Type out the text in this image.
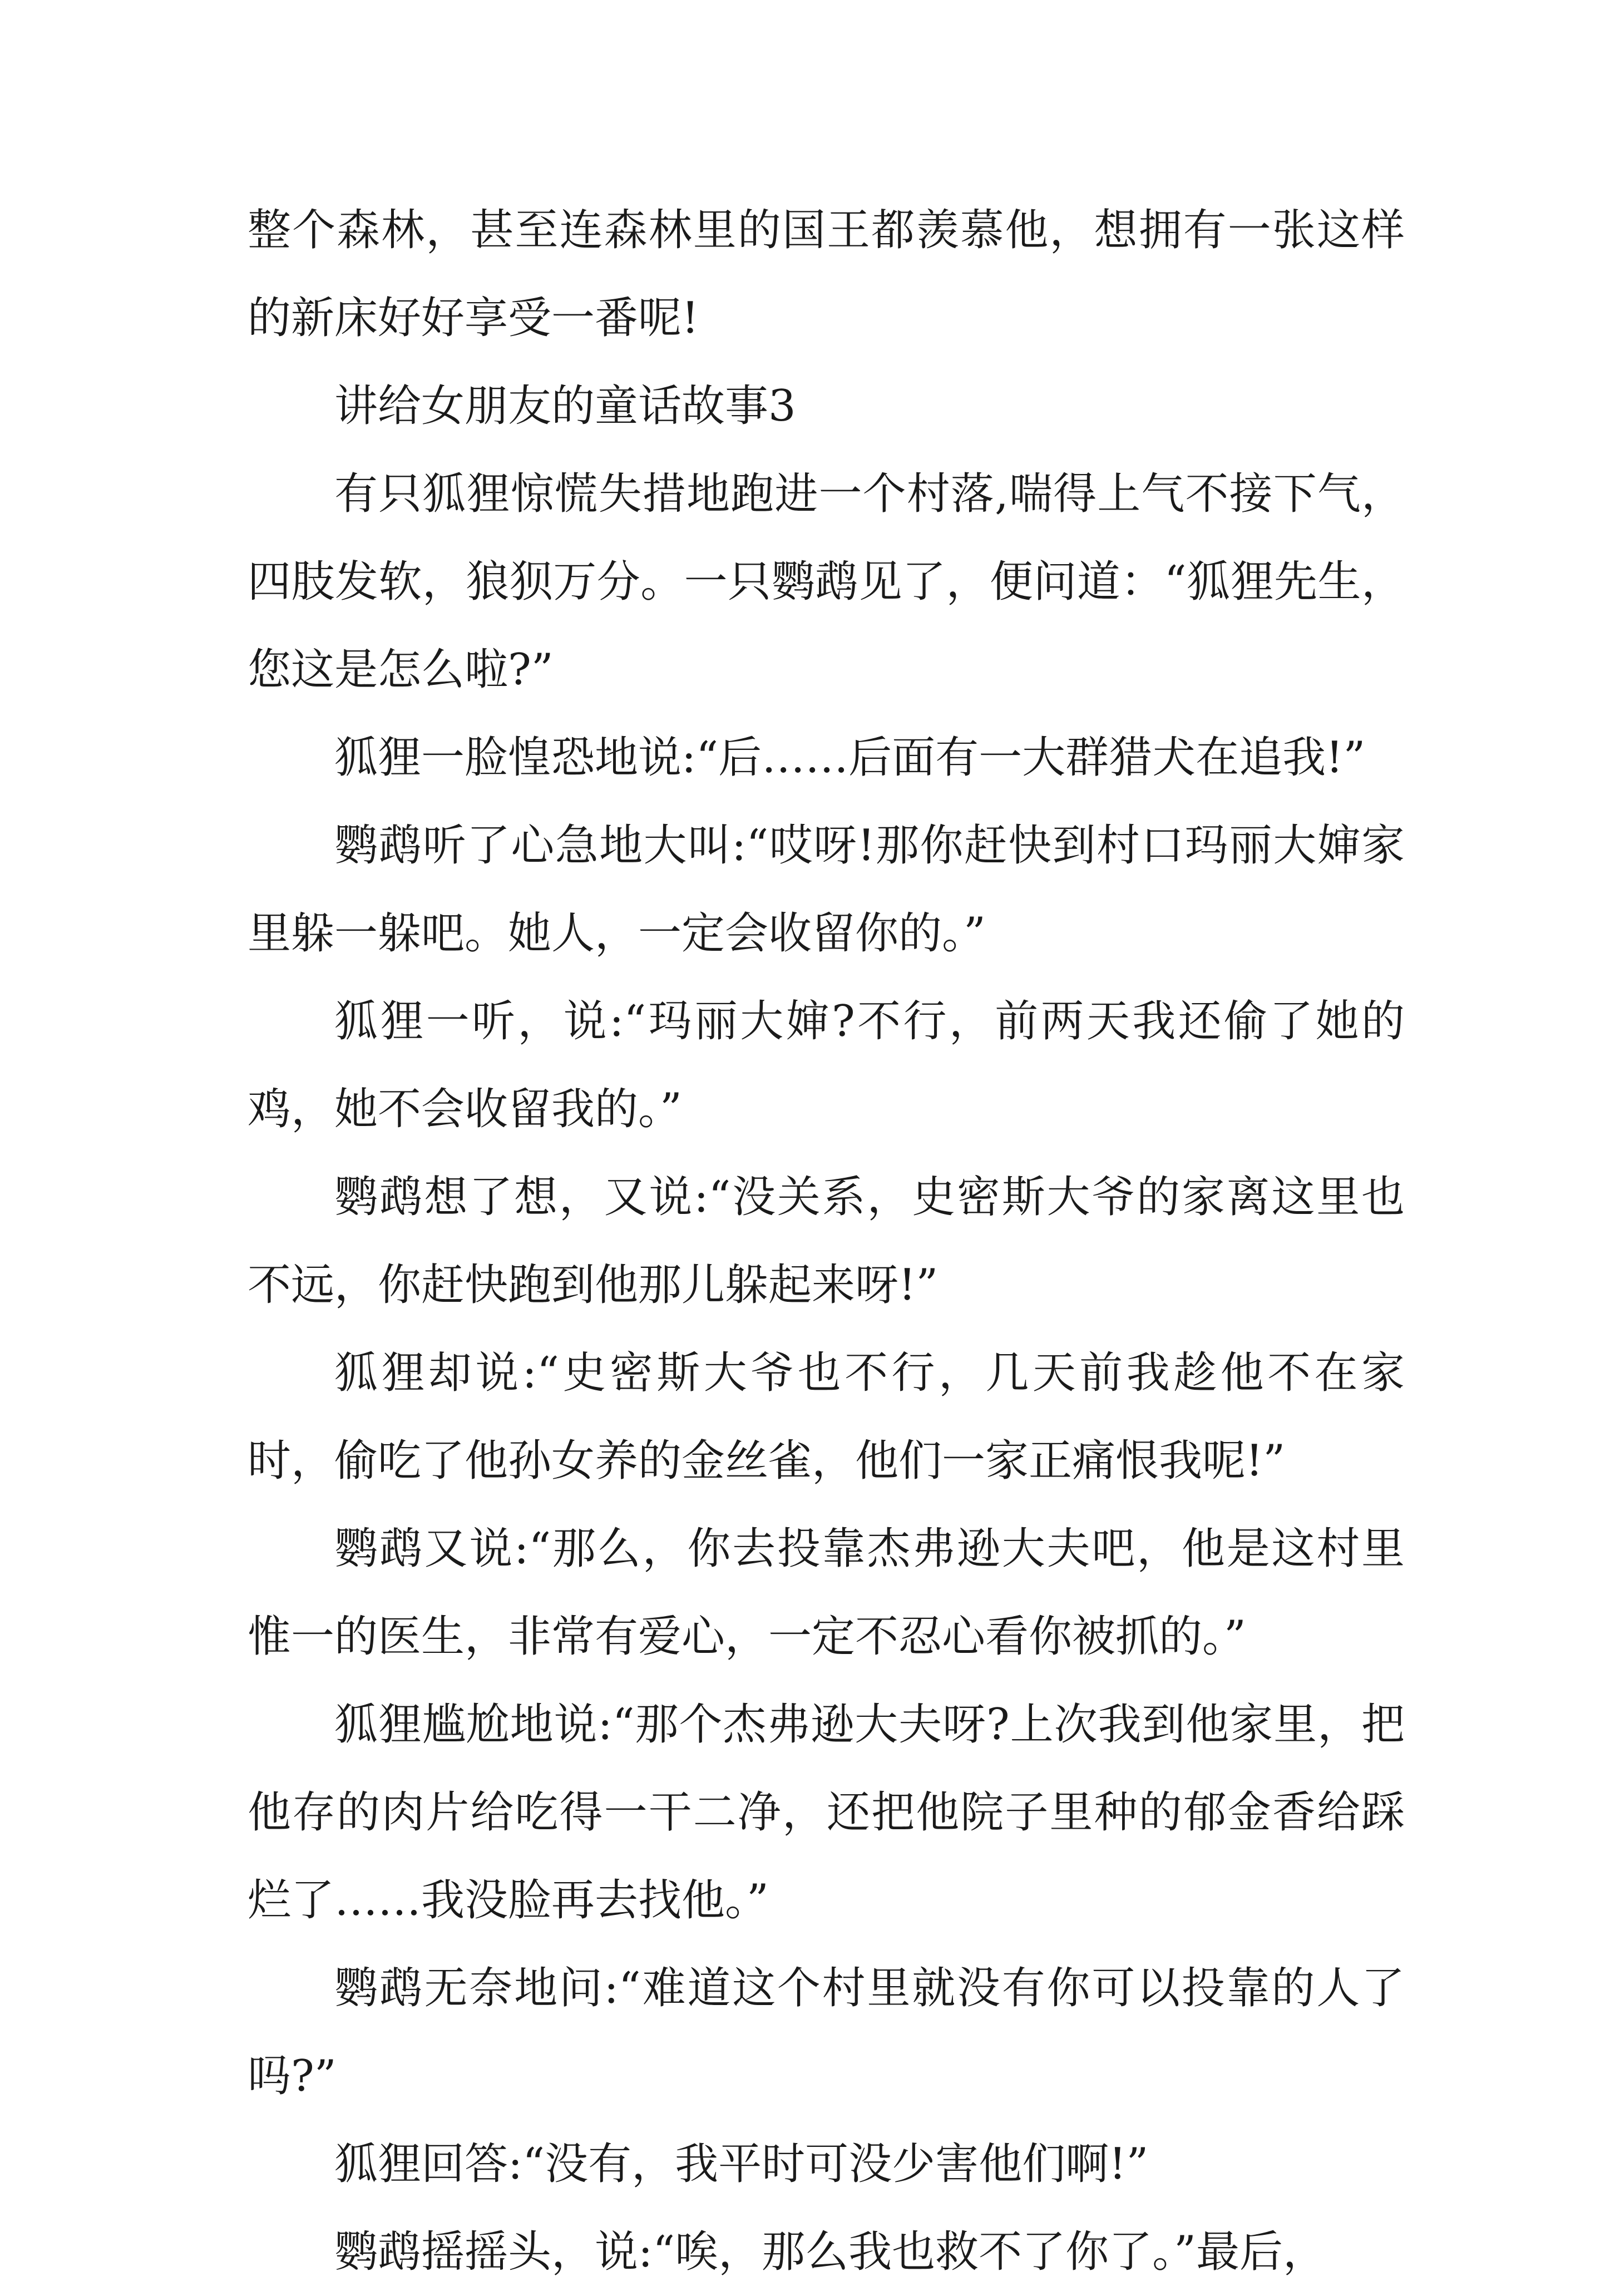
整个森林，甚至连森林里的国王都羡慕他，想拥有一张这样的新床好好享受一番呢!

讲给女朋友的童话故事3

有只狐狸惊慌失措地跑进一个村落,喘得上气不接下气，四肢发软，狼狈万分。一只鹦鹉见了，便问道：“狐狸先生，您这是怎么啦?”

狐狸一脸惶恐地说:“后……后面有一大群猎犬在追我!”

鹦鹉听了心急地大叫:“哎呀!那你赶快到村口玛丽大婶家里躲一躲吧。她人，一定会收留你的。”

狐狸一听，说:“玛丽大婶?不行，前两天我还偷了她的鸡，她不会收留我的。”

鹦鹉想了想，又说:“没关系，史密斯大爷的家离这里也不远，你赶快跑到他那儿躲起来呀!”

狐狸却说:“史密斯大爷也不行，几天前我趁他不在家时，偷吃了他孙女养的金丝雀，他们一家正痛恨我呢!”

鹦鹉又说:“那么，你去投靠杰弗逊大夫吧，他是这村里惟一的医生，非常有爱心，一定不忍心看你被抓的。”

狐狸尴尬地说:“那个杰弗逊大夫呀?上次我到他家里，把他存的肉片给吃得一干二净，还把他院子里种的郁金香给踩烂了……我没脸再去找他。”

鹦鹉无奈地问:“难道这个村里就没有你可以投靠的人了吗?”

狐狸回答:“没有，我平时可没少害他们啊!”

鹦鹉摇摇头，说:“唉，那么我也救不了你了。”最后，
